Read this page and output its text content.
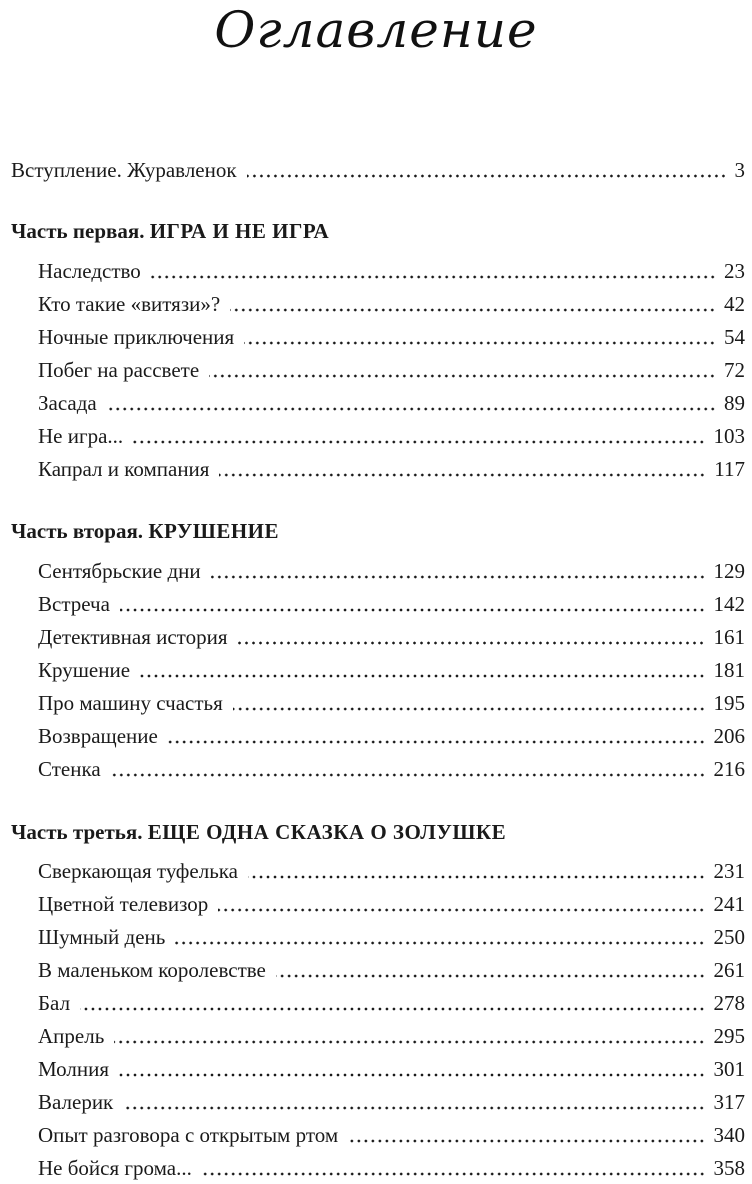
Оглавление
Вступление. Журавленок	3
Часть первая. ИГРА И НЕ ИГРА
Наследство	23
Кто такие «витязи»?	42
Ночные приключения	54
Побег на рассвете	72
Засада	89
Не игра...	103
Капрал и компания	117
Часть вторая. КРУШЕНИЕ
Сентябрьские дни	129
Встреча	142
Детективная история	161
Крушение	181
Про машину счастья	195
Возвращение	206
Стенка	216
Часть третья. ЕЩЕ ОДНА СКАЗКА О ЗОЛУШКЕ
Сверкающая туфелька	231
Цветной телевизор	241
Шумный день	250
В маленьком королевстве	261
Бал	278
Апрель	295
Молния	301
Валерик	317
Опыт разговора с открытым ртом	340
Не бойся грома...	358
